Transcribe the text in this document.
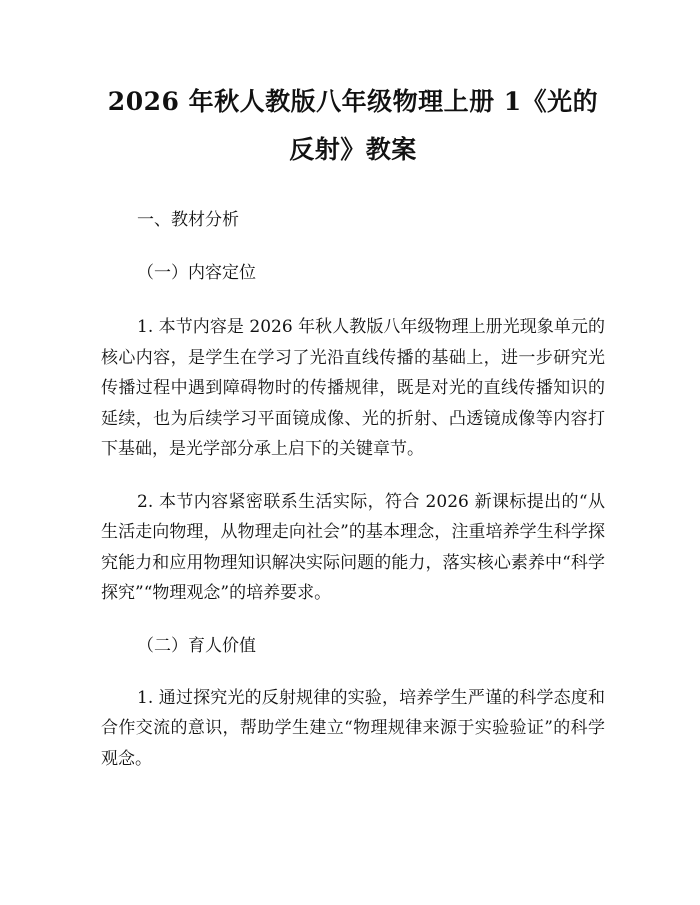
2026 年秋人教版八年级物理上册 1《光的反射》教案

一、教材分析

（一）内容定位

1. 本节内容是 2026 年秋人教版八年级物理上册光现象单元的核心内容，是学生在学习了光沿直线传播的基础上，进一步研究光传播过程中遇到障碍物时的传播规律，既是对光的直线传播知识的延续，也为后续学习平面镜成像、光的折射、凸透镜成像等内容打下基础，是光学部分承上启下的关键章节。

2. 本节内容紧密联系生活实际，符合 2026 新课标提出的“从生活走向物理，从物理走向社会”的基本理念，注重培养学生科学探究能力和应用物理知识解决实际问题的能力，落实核心素养中“科学探究”“物理观念”的培养要求。

（二）育人价值

1. 通过探究光的反射规律的实验，培养学生严谨的科学态度和合作交流的意识，帮助学生建立“物理规律来源于实验验证”的科学观念。
